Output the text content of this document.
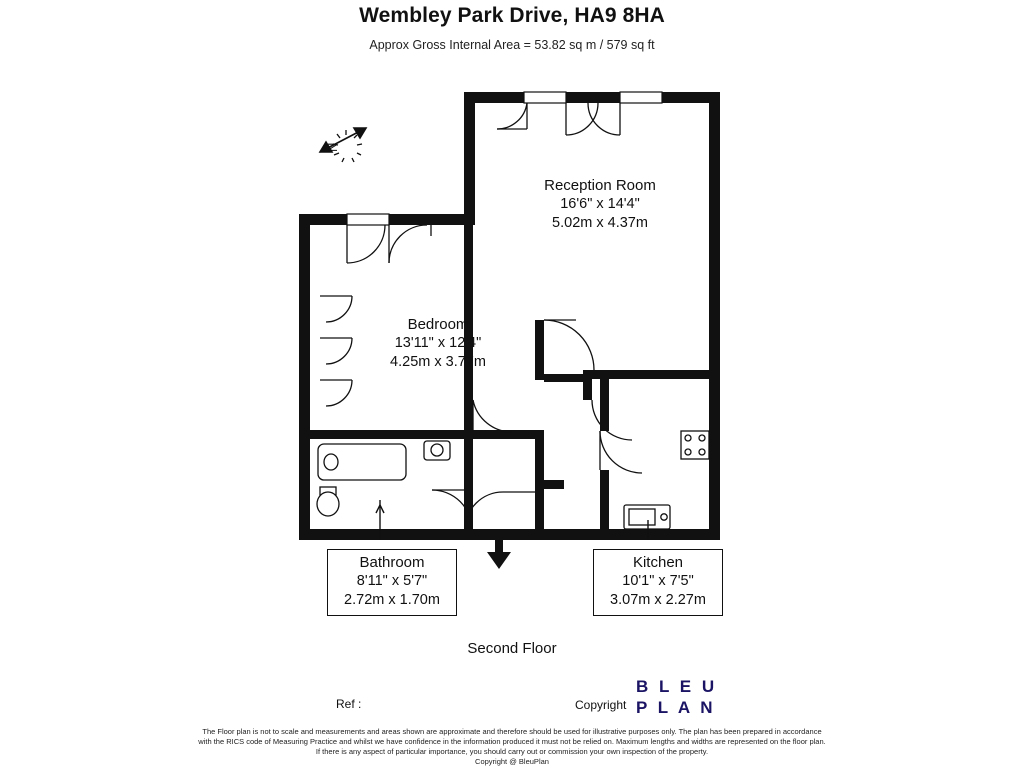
Wembley Park Drive, HA9 8HA
Approx Gross Internal Area = 53.82 sq m / 579 sq ft
Reception Room
16'6" x 14'4"
5.02m x 4.37m
Bedroom
13'11" x 12'4"
4.25m x 3.77m
Bathroom
8'11" x 5'7"
2.72m x 1.70m
Kitchen
10'1" x 7'5"
3.07m x 2.27m
N
Second Floor
Ref :	Copyright
B L E U
P L A N
The Floor plan is not to scale and measurements and areas shown are approximate and therefore should be used for illustrative purposes only. The plan has been prepared in accordance
with the RICS code of Measuring Practice and whilst we have confidence in the information produced it must not be relied on. Maximum lengths and widths are represented on the floor plan.
If there is any aspect of particular importance, you should carry out or commission your own inspection of the property.
Copyright @ BleuPlan
